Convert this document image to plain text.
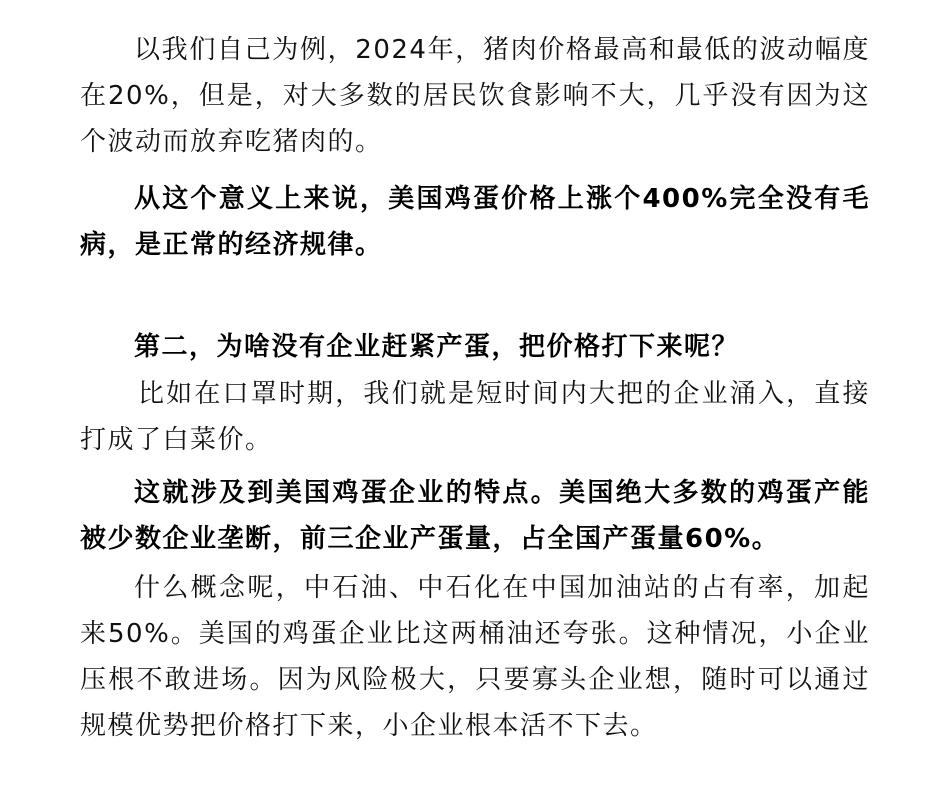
以我们自己为例，2024年，猪肉价格最高和最低的波动幅度在20%，但是，对大多数的居民饮食影响不大，几乎没有因为这个波动而放弃吃猪肉的。

从这个意义上来说，美国鸡蛋价格上涨个400%完全没有毛病，是正常的经济规律。

第二，为啥没有企业赶紧产蛋，把价格打下来呢？

比如在口罩时期，我们就是短时间内大把的企业涌入，直接打成了白菜价。

这就涉及到美国鸡蛋企业的特点。美国绝大多数的鸡蛋产能被少数企业垄断，前三企业产蛋量，占全国产蛋量60%。

什么概念呢，中石油、中石化在中国加油站的占有率，加起来50%。美国的鸡蛋企业比这两桶油还夸张。这种情况，小企业压根不敢进场。因为风险极大，只要寡头企业想，随时可以通过规模优势把价格打下来，小企业根本活不下去。
